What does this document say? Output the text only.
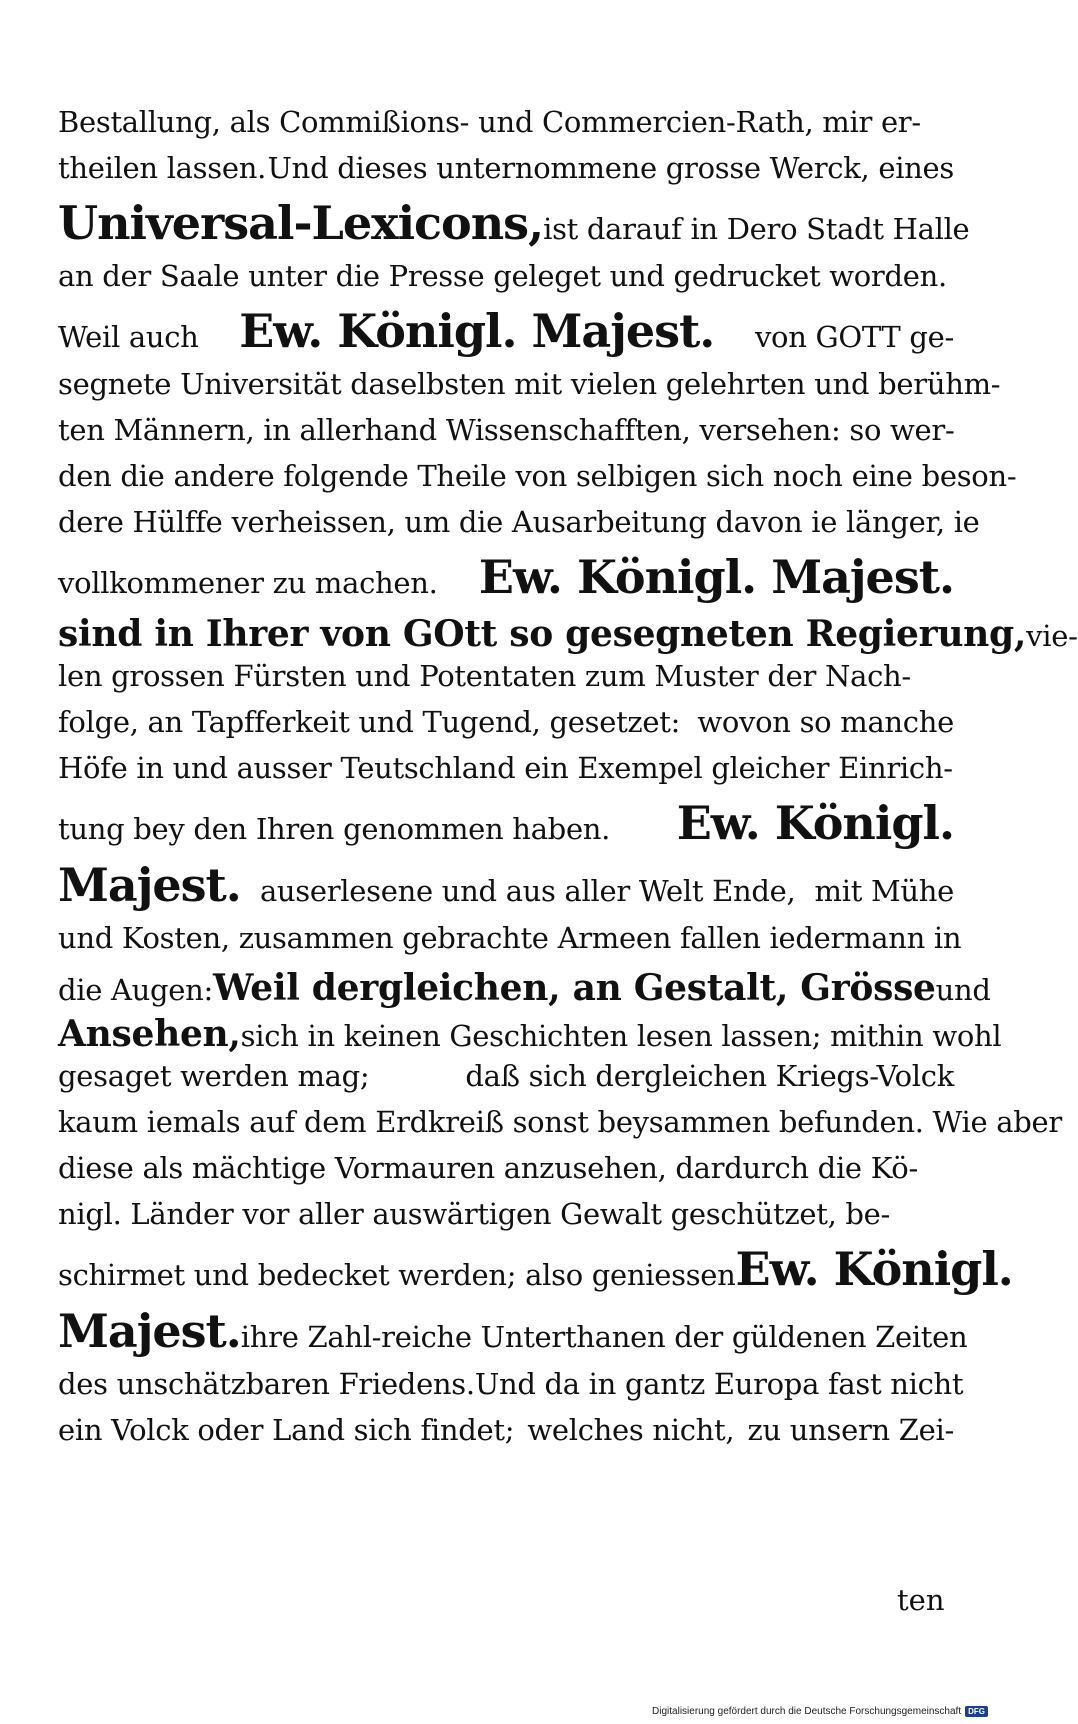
Bestallung, als Commißions- und Commercien-Rath, mir er-
theilen lassen. Und dieses unternommene grosse Werck, eines
Universal-Lexicons, ist darauf in Dero Stadt Halle
an der Saale unter die Presse geleget und gedrucket worden.
Weil auch Ew. Königl. Majest. von GOTT ge-
segnete Universität daselbsten mit vielen gelehrten und berühm-
ten Männern, in allerhand Wissenschafften, versehen: so wer-
den die andere folgende Theile von selbigen sich noch eine beson-
dere Hülffe verheissen, um die Ausarbeitung davon ie länger, ie
vollkommener zu machen. Ew. Königl. Majest.
sind in Ihrer von GOtt so gesegneten Regierung, vie-
len grossen Fürsten und Potentaten zum Muster der Nach-
folge, an Tapfferkeit und Tugend, gesetzet: wovon so manche
Höfe in und ausser Teutschland ein Exempel gleicher Einrich-
tung bey den Ihren genommen haben. Ew. Königl.
Majest. auserlesene und aus aller Welt Ende, mit Mühe
und Kosten, zusammen gebrachte Armeen fallen iedermann in
die Augen: Weil dergleichen, an Gestalt, Grösse und
Ansehen, sich in keinen Geschichten lesen lassen; mithin wohl
gesaget werden mag;	daß sich dergleichen Kriegs-Volck
kaum iemals auf dem Erdkreiß sonst beysammen befunden. Wie aber
diese als mächtige Vormauren anzusehen, dardurch die Kö-
nigl. Länder vor aller auswärtigen Gewalt geschützet, be-
schirmet und bedecket werden; also geniessen Ew. Königl.
Majest. ihre Zahl-reiche Unterthanen der güldenen Zeiten
des unschätzbaren Friedens. Und da in gantz Europa fast nicht
ein Volck oder Land sich findet; welches nicht, zu unsern Zei-
ten
Digitalisierung gefördert durch die Deutsche Forschungsgemeinschaft DFG
